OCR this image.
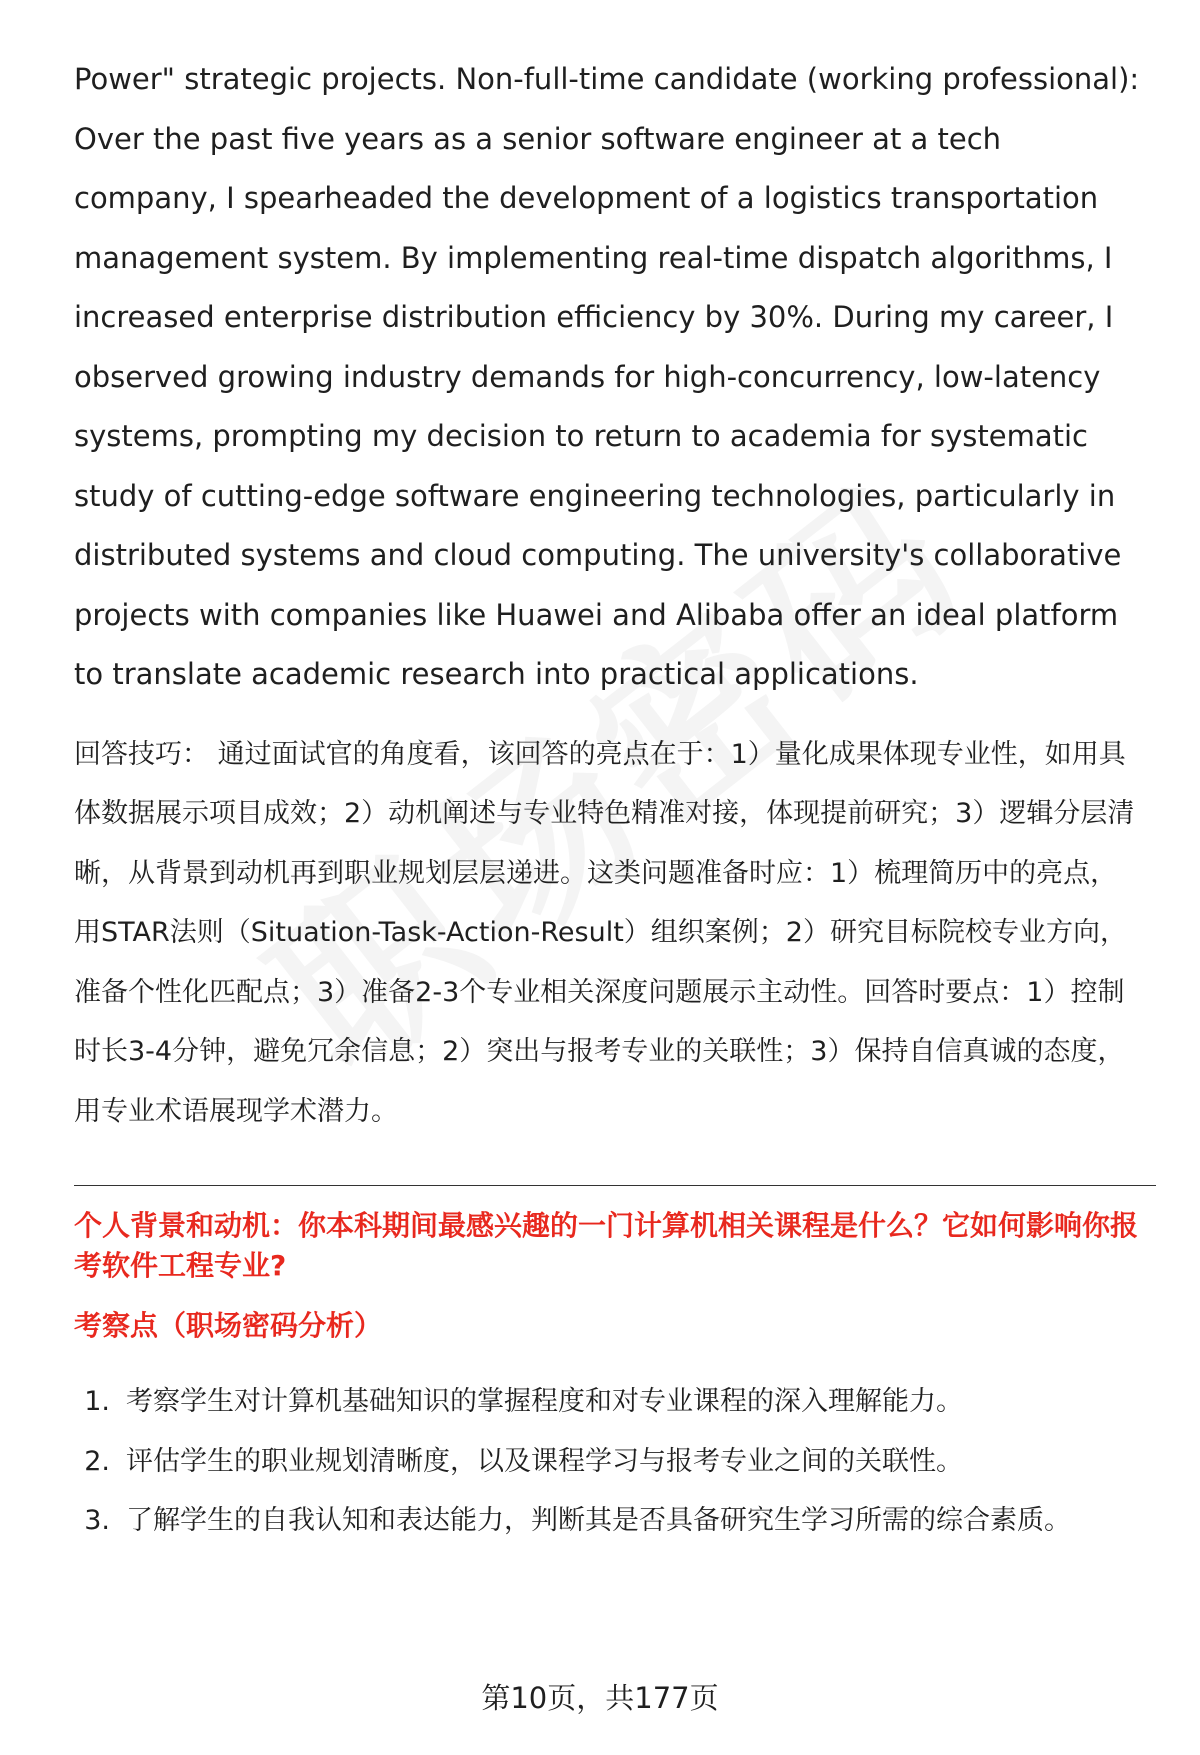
Power" strategic projects. Non-full-time candidate (working professional): Over the past five years as a senior software engineer at a tech company, I spearheaded the development of a logistics transportation management system. By implementing real-time dispatch algorithms, I increased enterprise distribution efficiency by 30%. During my career, I observed growing industry demands for high-concurrency, low-latency systems, prompting my decision to return to academia for systematic study of cutting-edge software engineering technologies, particularly in distributed systems and cloud computing. The university's collaborative projects with companies like Huawei and Alibaba offer an ideal platform to translate academic research into practical applications.

回答技巧： 通过面试官的角度看，该回答的亮点在于：1）量化成果体现专业性，如用具体数据展示项目成效；2）动机阐述与专业特色精准对接，体现提前研究；3）逻辑分层清晰，从背景到动机再到职业规划层层递进。这类问题准备时应：1）梳理简历中的亮点，用STAR法则（Situation-Task-Action-Result）组织案例；2）研究目标院校专业方向，准备个性化匹配点；3）准备2-3个专业相关深度问题展示主动性。回答时要点：1）控制时长3-4分钟，避免冗余信息；2）突出与报考专业的关联性；3）保持自信真诚的态度，用专业术语展现学术潜力。

个人背景和动机：你本科期间最感兴趣的一门计算机相关课程是什么？它如何影响你报考软件工程专业?
考察点（职场密码分析）
1. 考察学生对计算机基础知识的掌握程度和对专业课程的深入理解能力。
2. 评估学生的职业规划清晰度，以及课程学习与报考专业之间的关联性。
3. 了解学生的自我认知和表达能力，判断其是否具备研究生学习所需的综合素质。
第10页，共177页
